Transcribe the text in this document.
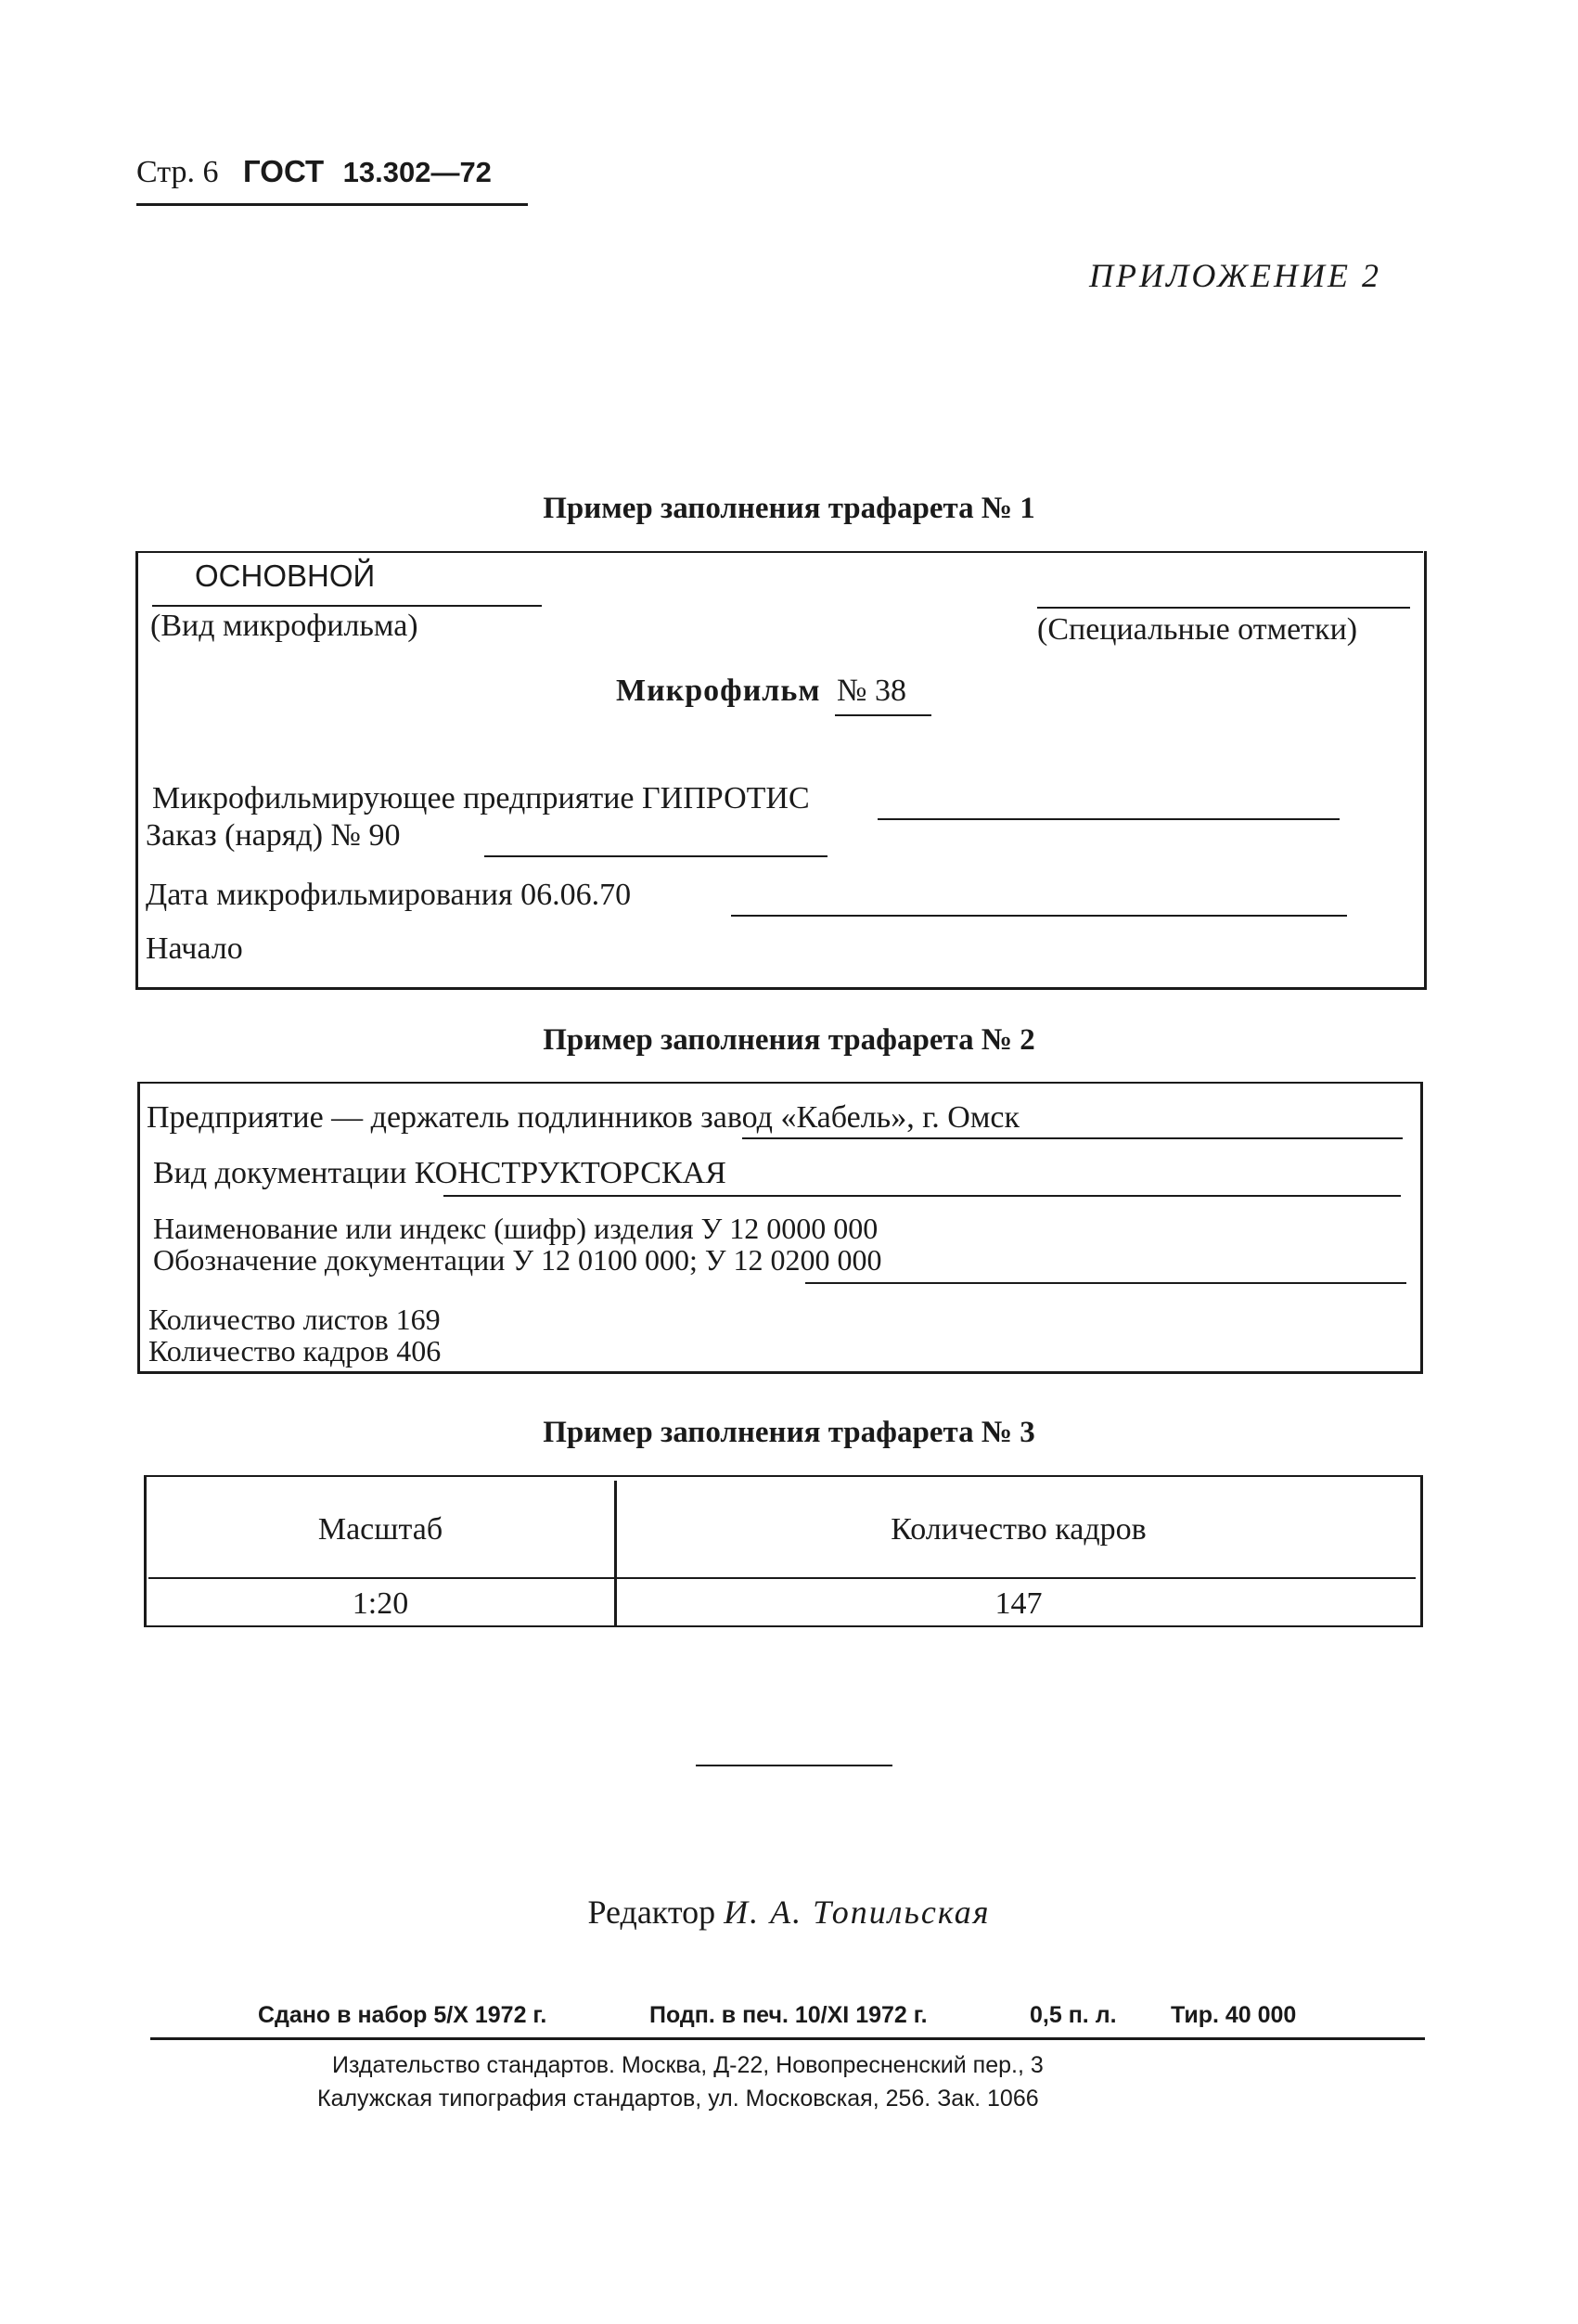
Стр. 6 ГОСТ 13.302—72
ПРИЛОЖЕНИЕ 2
Пример заполнения трафарета № 1
ОСНОВНОЙ
(Вид микрофильма)	(Специальные отметки)
Микрофильм № 38
Микрофильмирующее предприятие ГИПРОТИС
Заказ (наряд) № 90
Дата микрофильмирования 06.06.70
Начало
Пример заполнения трафарета № 2
Предприятие — держатель подлинников завод «Кабель», г. Омск
Вид документации КОНСТРУКТОРСКАЯ
Наименование или индекс (шифр) изделия У 12 0000 000
Обозначение документации У 12 0100 000; У 12 0200 000
Количество листов 169
Количество кадров 406
Пример заполнения трафарета № 3
Масштаб	Количество кадров
1:20	147
Редактор И. А. Топильская
Сдано в набор 5/Х 1972 г.	Подп. в печ. 10/XI 1972 г.	0,5 п. л. Тир. 40 000
Издательство стандартов. Москва, Д-22, Новопресненский пер., 3
Калужская типография стандартов, ул. Московская, 256. Зак. 1066
